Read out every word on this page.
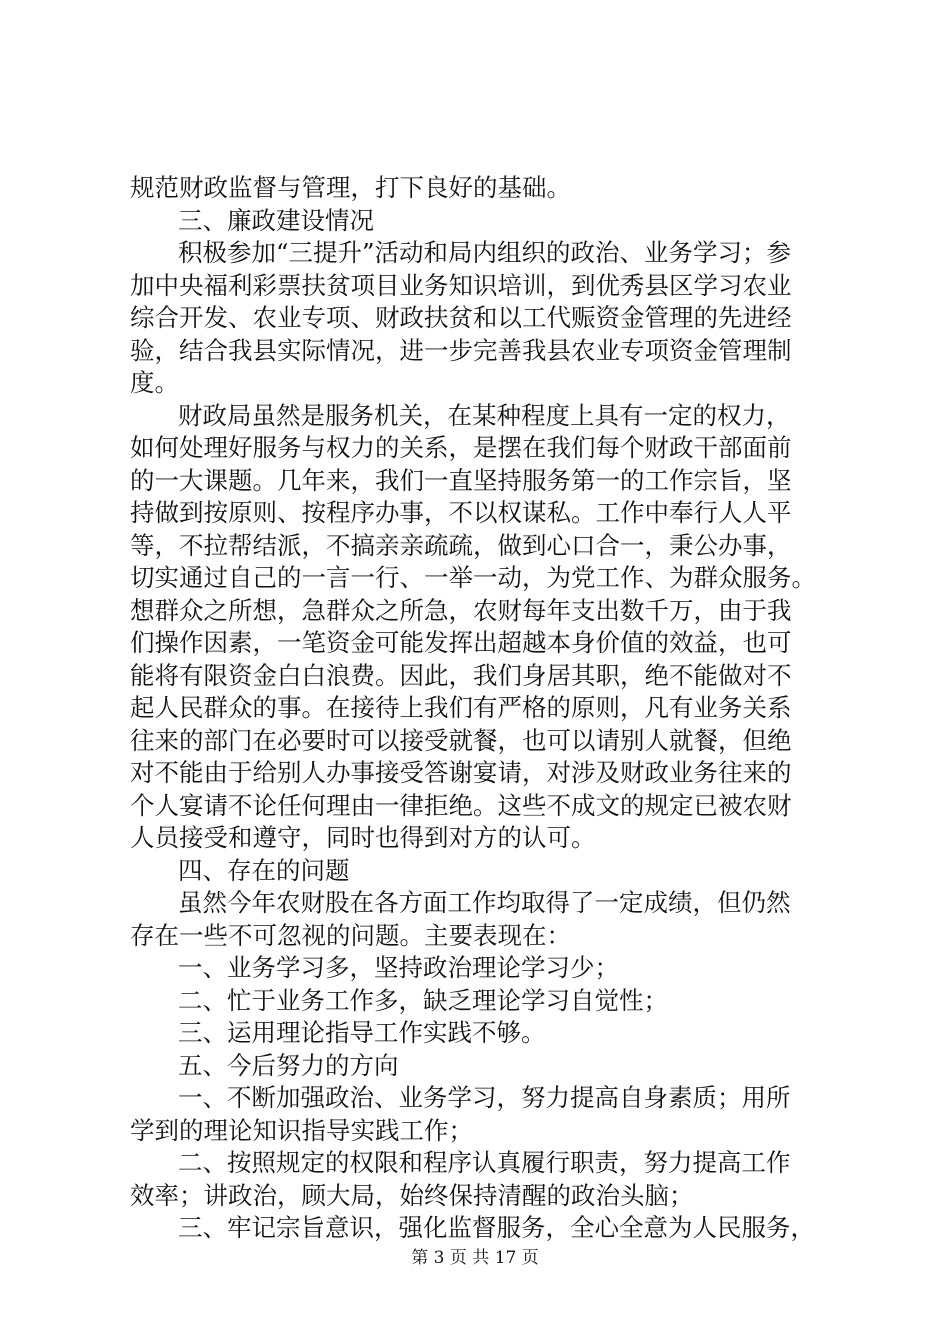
规范财政监督与管理，打下良好的基础。
三、廉政建设情况
积极参加“三提升”活动和局内组织的政治、业务学习；参
加中央福利彩票扶贫项目业务知识培训，到优秀县区学习农业
综合开发、农业专项、财政扶贫和以工代赈资金管理的先进经
验，结合我县实际情况，进一步完善我县农业专项资金管理制
度。
财政局虽然是服务机关，在某种程度上具有一定的权力，
如何处理好服务与权力的关系，是摆在我们每个财政干部面前
的一大课题。几年来，我们一直坚持服务第一的工作宗旨，坚
持做到按原则、按程序办事，不以权谋私。工作中奉行人人平
等，不拉帮结派，不搞亲亲疏疏，做到心口合一，秉公办事，
切实通过自己的一言一行、一举一动，为党工作、为群众服务。
想群众之所想，急群众之所急，农财每年支出数千万，由于我
们操作因素，一笔资金可能发挥出超越本身价值的效益，也可
能将有限资金白白浪费。因此，我们身居其职，绝不能做对不
起人民群众的事。在接待上我们有严格的原则，凡有业务关系
往来的部门在必要时可以接受就餐，也可以请别人就餐，但绝
对不能由于给别人办事接受答谢宴请，对涉及财政业务往来的
个人宴请不论任何理由一律拒绝。这些不成文的规定已被农财
人员接受和遵守，同时也得到对方的认可。
四、存在的问题
虽然今年农财股在各方面工作均取得了一定成绩，但仍然
存在一些不可忽视的问题。主要表现在：
一、业务学习多，坚持政治理论学习少；
二、忙于业务工作多，缺乏理论学习自觉性；
三、运用理论指导工作实践不够。
五、今后努力的方向
一、不断加强政治、业务学习，努力提高自身素质；用所
学到的理论知识指导实践工作；
二、按照规定的权限和程序认真履行职责，努力提高工作
效率；讲政治，顾大局，始终保持清醒的政治头脑；
三、牢记宗旨意识，强化监督服务，全心全意为人民服务，
第 3 页 共 17 页
